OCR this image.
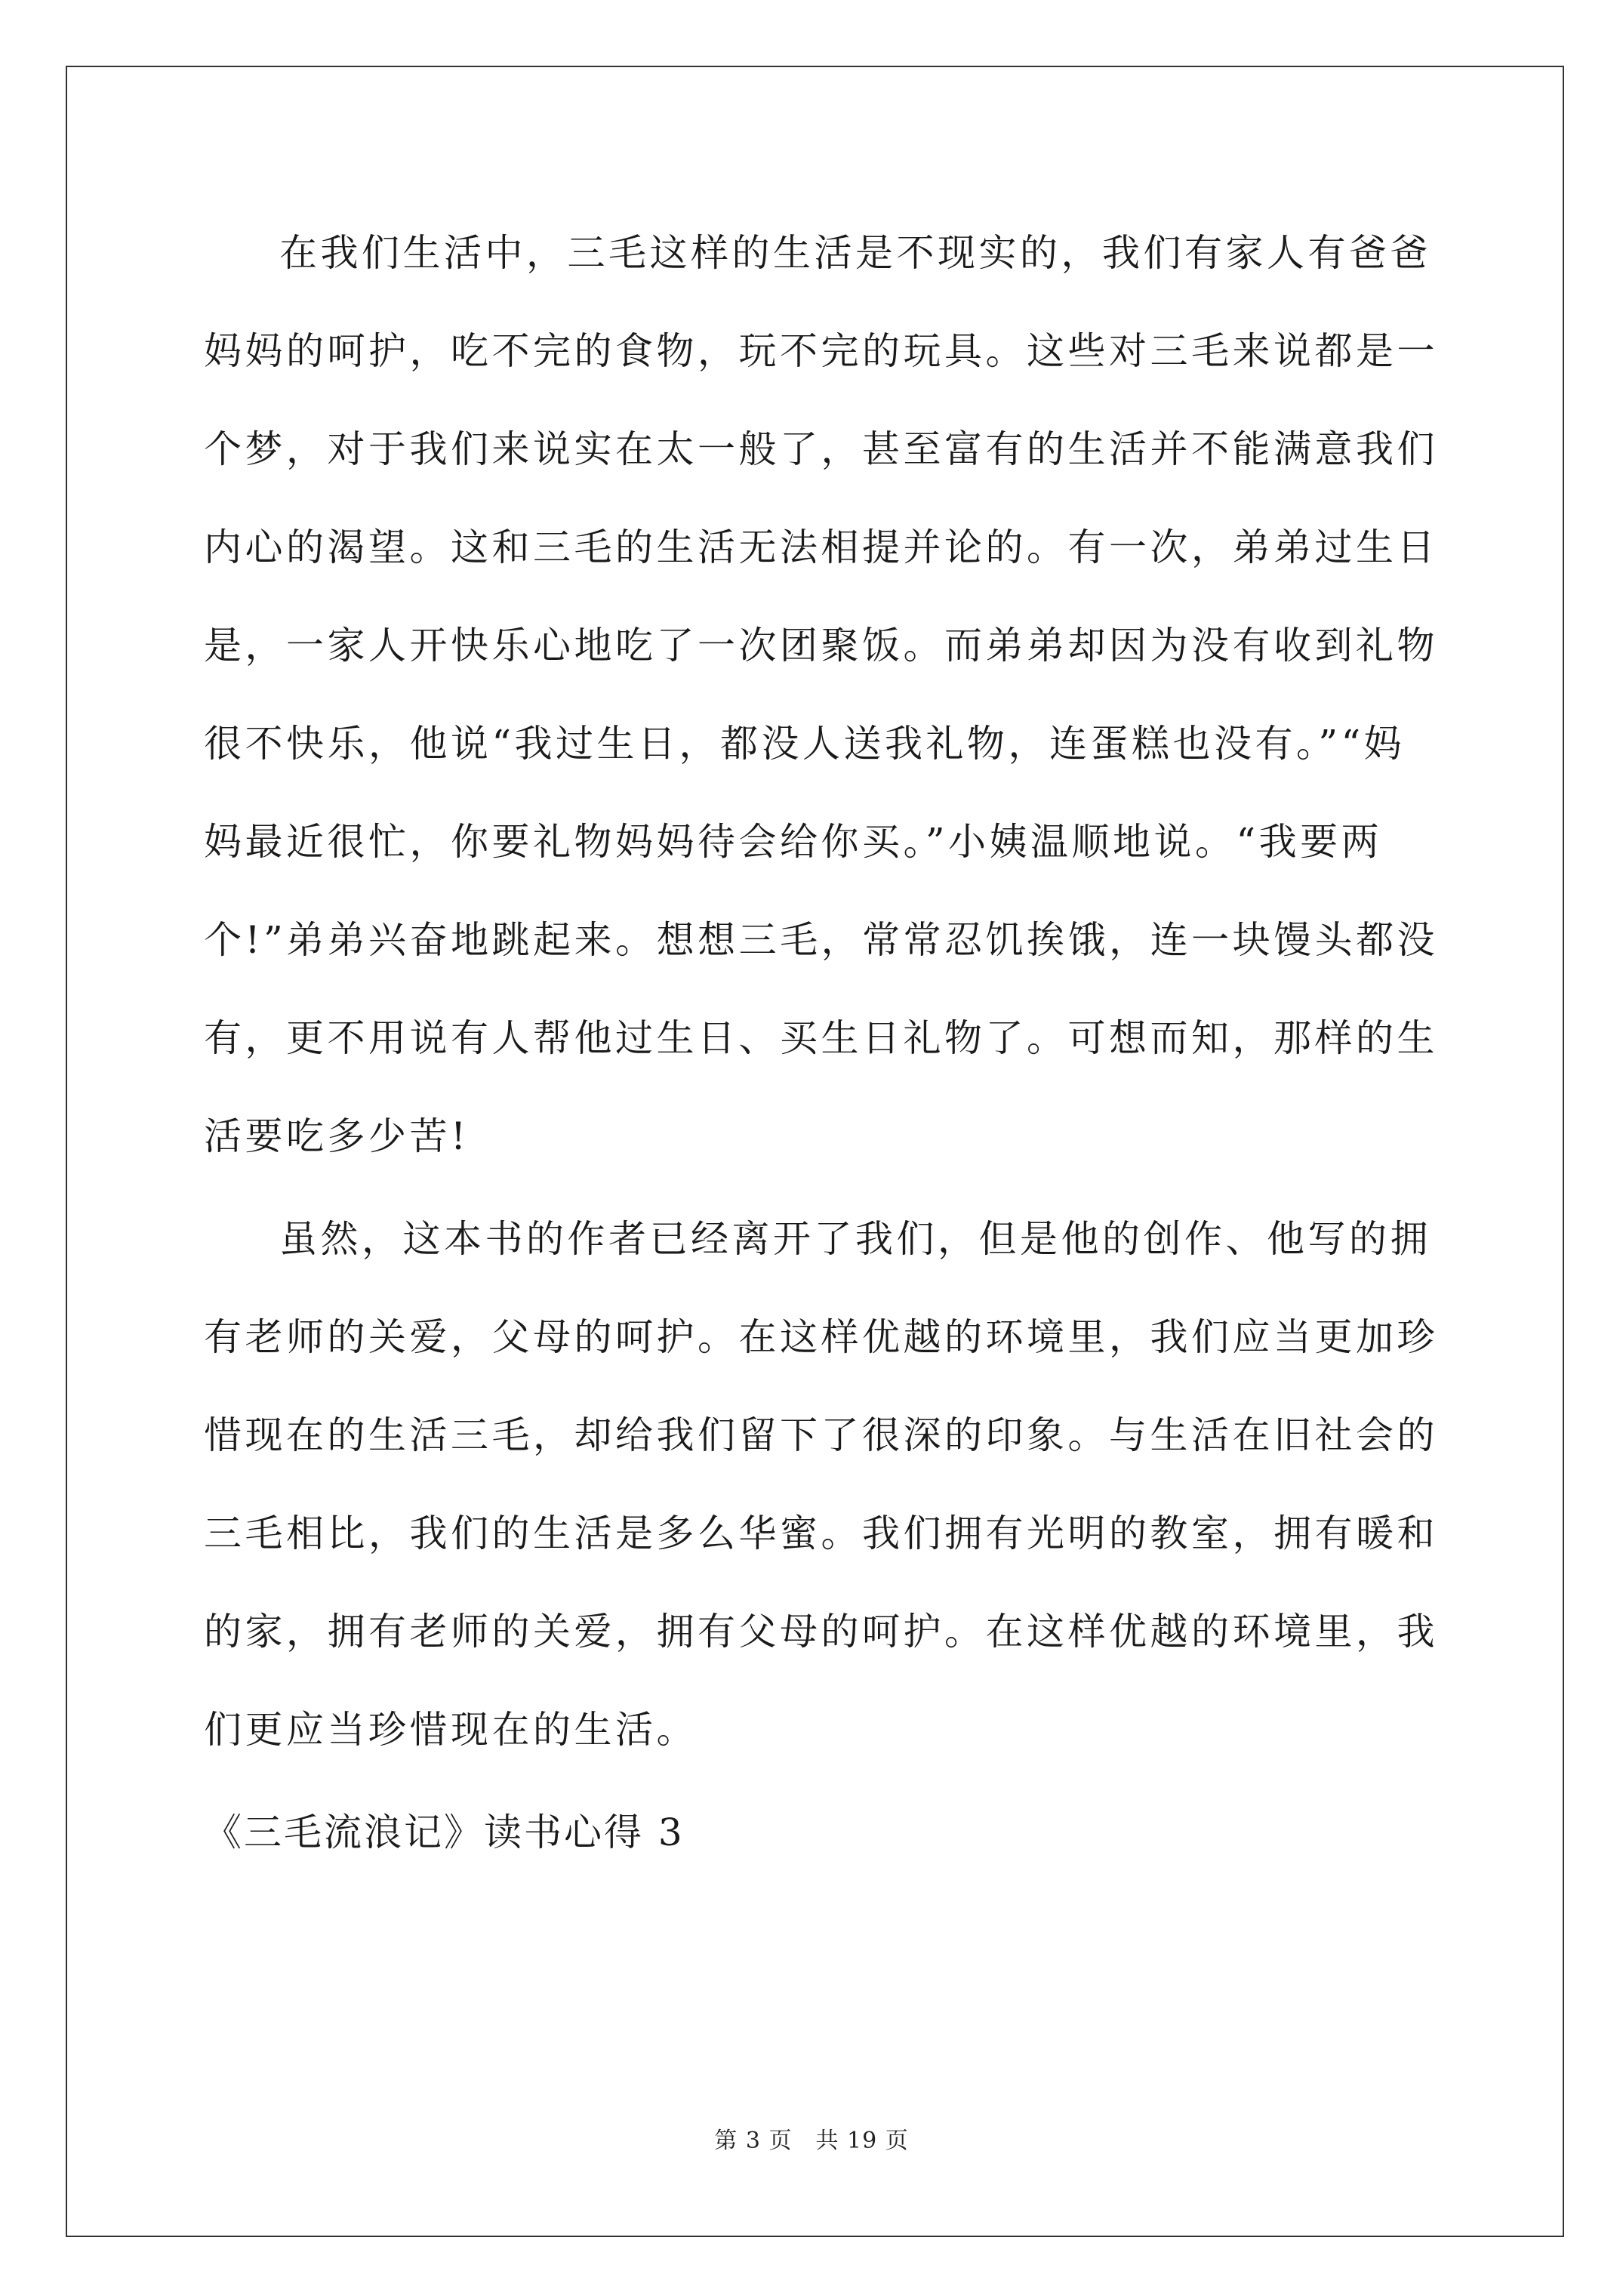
在我们生活中，三毛这样的生活是不现实的，我们有家人有爸爸
妈妈的呵护，吃不完的食物，玩不完的玩具。这些对三毛来说都是一
个梦，对于我们来说实在太一般了，甚至富有的生活并不能满意我们
内心的渴望。这和三毛的生活无法相提并论的。有一次，弟弟过生日
是，一家人开快乐心地吃了一次团聚饭。而弟弟却因为没有收到礼物
很不快乐，他说“我过生日，都没人送我礼物，连蛋糕也没有。”“妈
妈最近很忙，你要礼物妈妈待会给你买。”小姨温顺地说。“我要两
个!”弟弟兴奋地跳起来。想想三毛，常常忍饥挨饿，连一块馒头都没
有，更不用说有人帮他过生日、买生日礼物了。可想而知，那样的生
活要吃多少苦!
虽然，这本书的作者已经离开了我们，但是他的创作、他写的拥
有老师的关爱，父母的呵护。在这样优越的环境里，我们应当更加珍
惜现在的生活三毛，却给我们留下了很深的印象。与生活在旧社会的
三毛相比，我们的生活是多么华蜜。我们拥有光明的教室，拥有暖和
的家，拥有老师的关爱，拥有父母的呵护。在这样优越的环境里，我
们更应当珍惜现在的生活。
《三毛流浪记》读书心得 3
第 3 页　共 19 页
